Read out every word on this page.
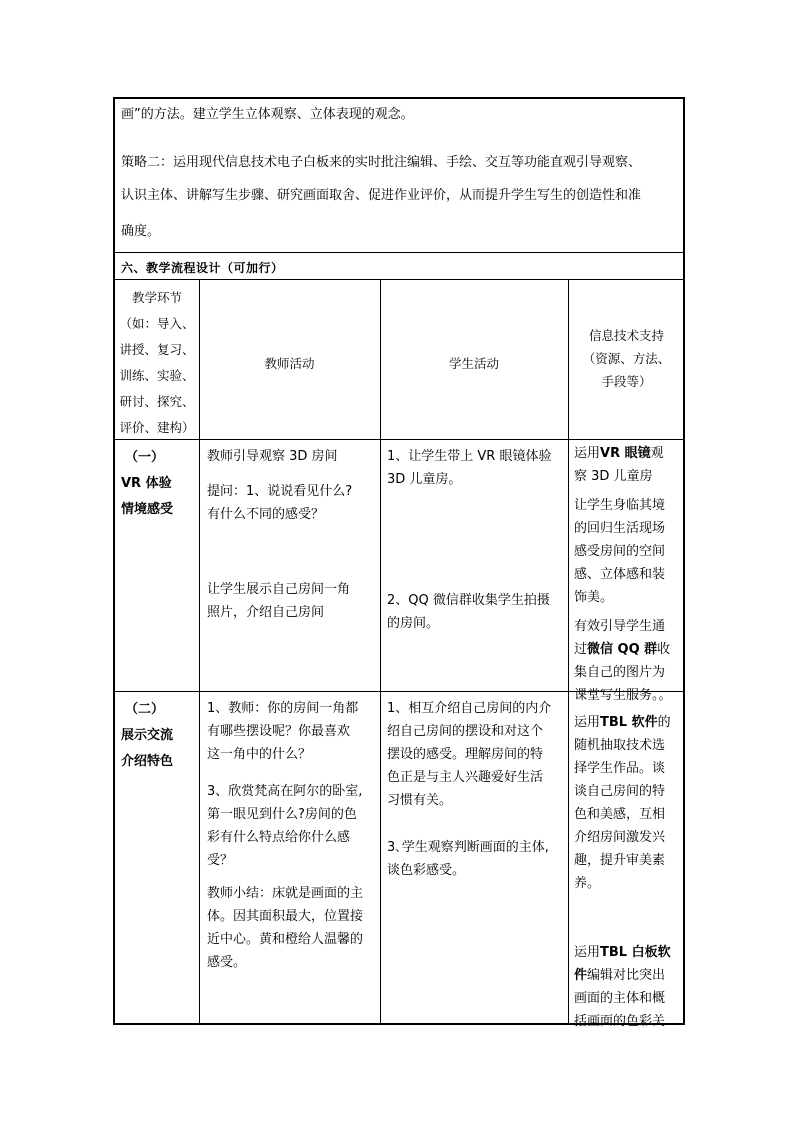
画”的方法。建立学生立体观察、立体表现的观念。
策略二：运用现代信息技术电子白板来的实时批注编辑、手绘、交互等功能直观引导观察、
认识主体、讲解写生步骤、研究画面取舍、促进作业评价，从而提升学生写生的创造性和准
确度。
六、教学流程设计（可加行）
教学环节
（如：导入、
讲授、复习、
训练、实验、
研讨、探究、
评价、建构）
教师活动	学生活动
信息技术支持
（资源、方法、
手段等）
（一）
VR 体验
情境感受
教师引导观察 3D 房间
提问：1、说说看见什么?
有什么不同的感受？
让学生展示自己房间一角
照片，介绍自己房间
1、让学生带上 VR 眼镜体验
3D 儿童房。
2、QQ 微信群收集学生拍摄
的房间。
运用VR 眼镜观
察 3D 儿童房
让学生身临其境
的回归生活现场
感受房间的空间
感、立体感和装
饰美。
有效引导学生通
过微信 QQ 群收
集自己的图片为
课堂写生服务。。
（二）
展示交流
介绍特色
1、教师：你的房间一角都
有哪些摆设呢？你最喜欢
这一角中的什么？
3、欣赏梵高在阿尔的卧室,
第一眼见到什么?房间的色
彩有什么特点给你什么感
受？
教师小结：床就是画面的主
体。因其面积最大，位置接
近中心。黄和橙给人温馨的
感受。
1、相互介绍自己房间的内介
绍自己房间的摆设和对这个
摆设的感受。理解房间的特
色正是与主人兴趣爱好生活
习惯有关。
3､学生观察判断画面的主体,
谈色彩感受。
运用TBL 软件的
随机抽取技术选
择学生作品。谈
谈自己房间的特
色和美感，互相
介绍房间激发兴
趣，提升审美素
养。
运用TBL 白板软
件编辑对比突出
画面的主体和概
括画面的色彩关
